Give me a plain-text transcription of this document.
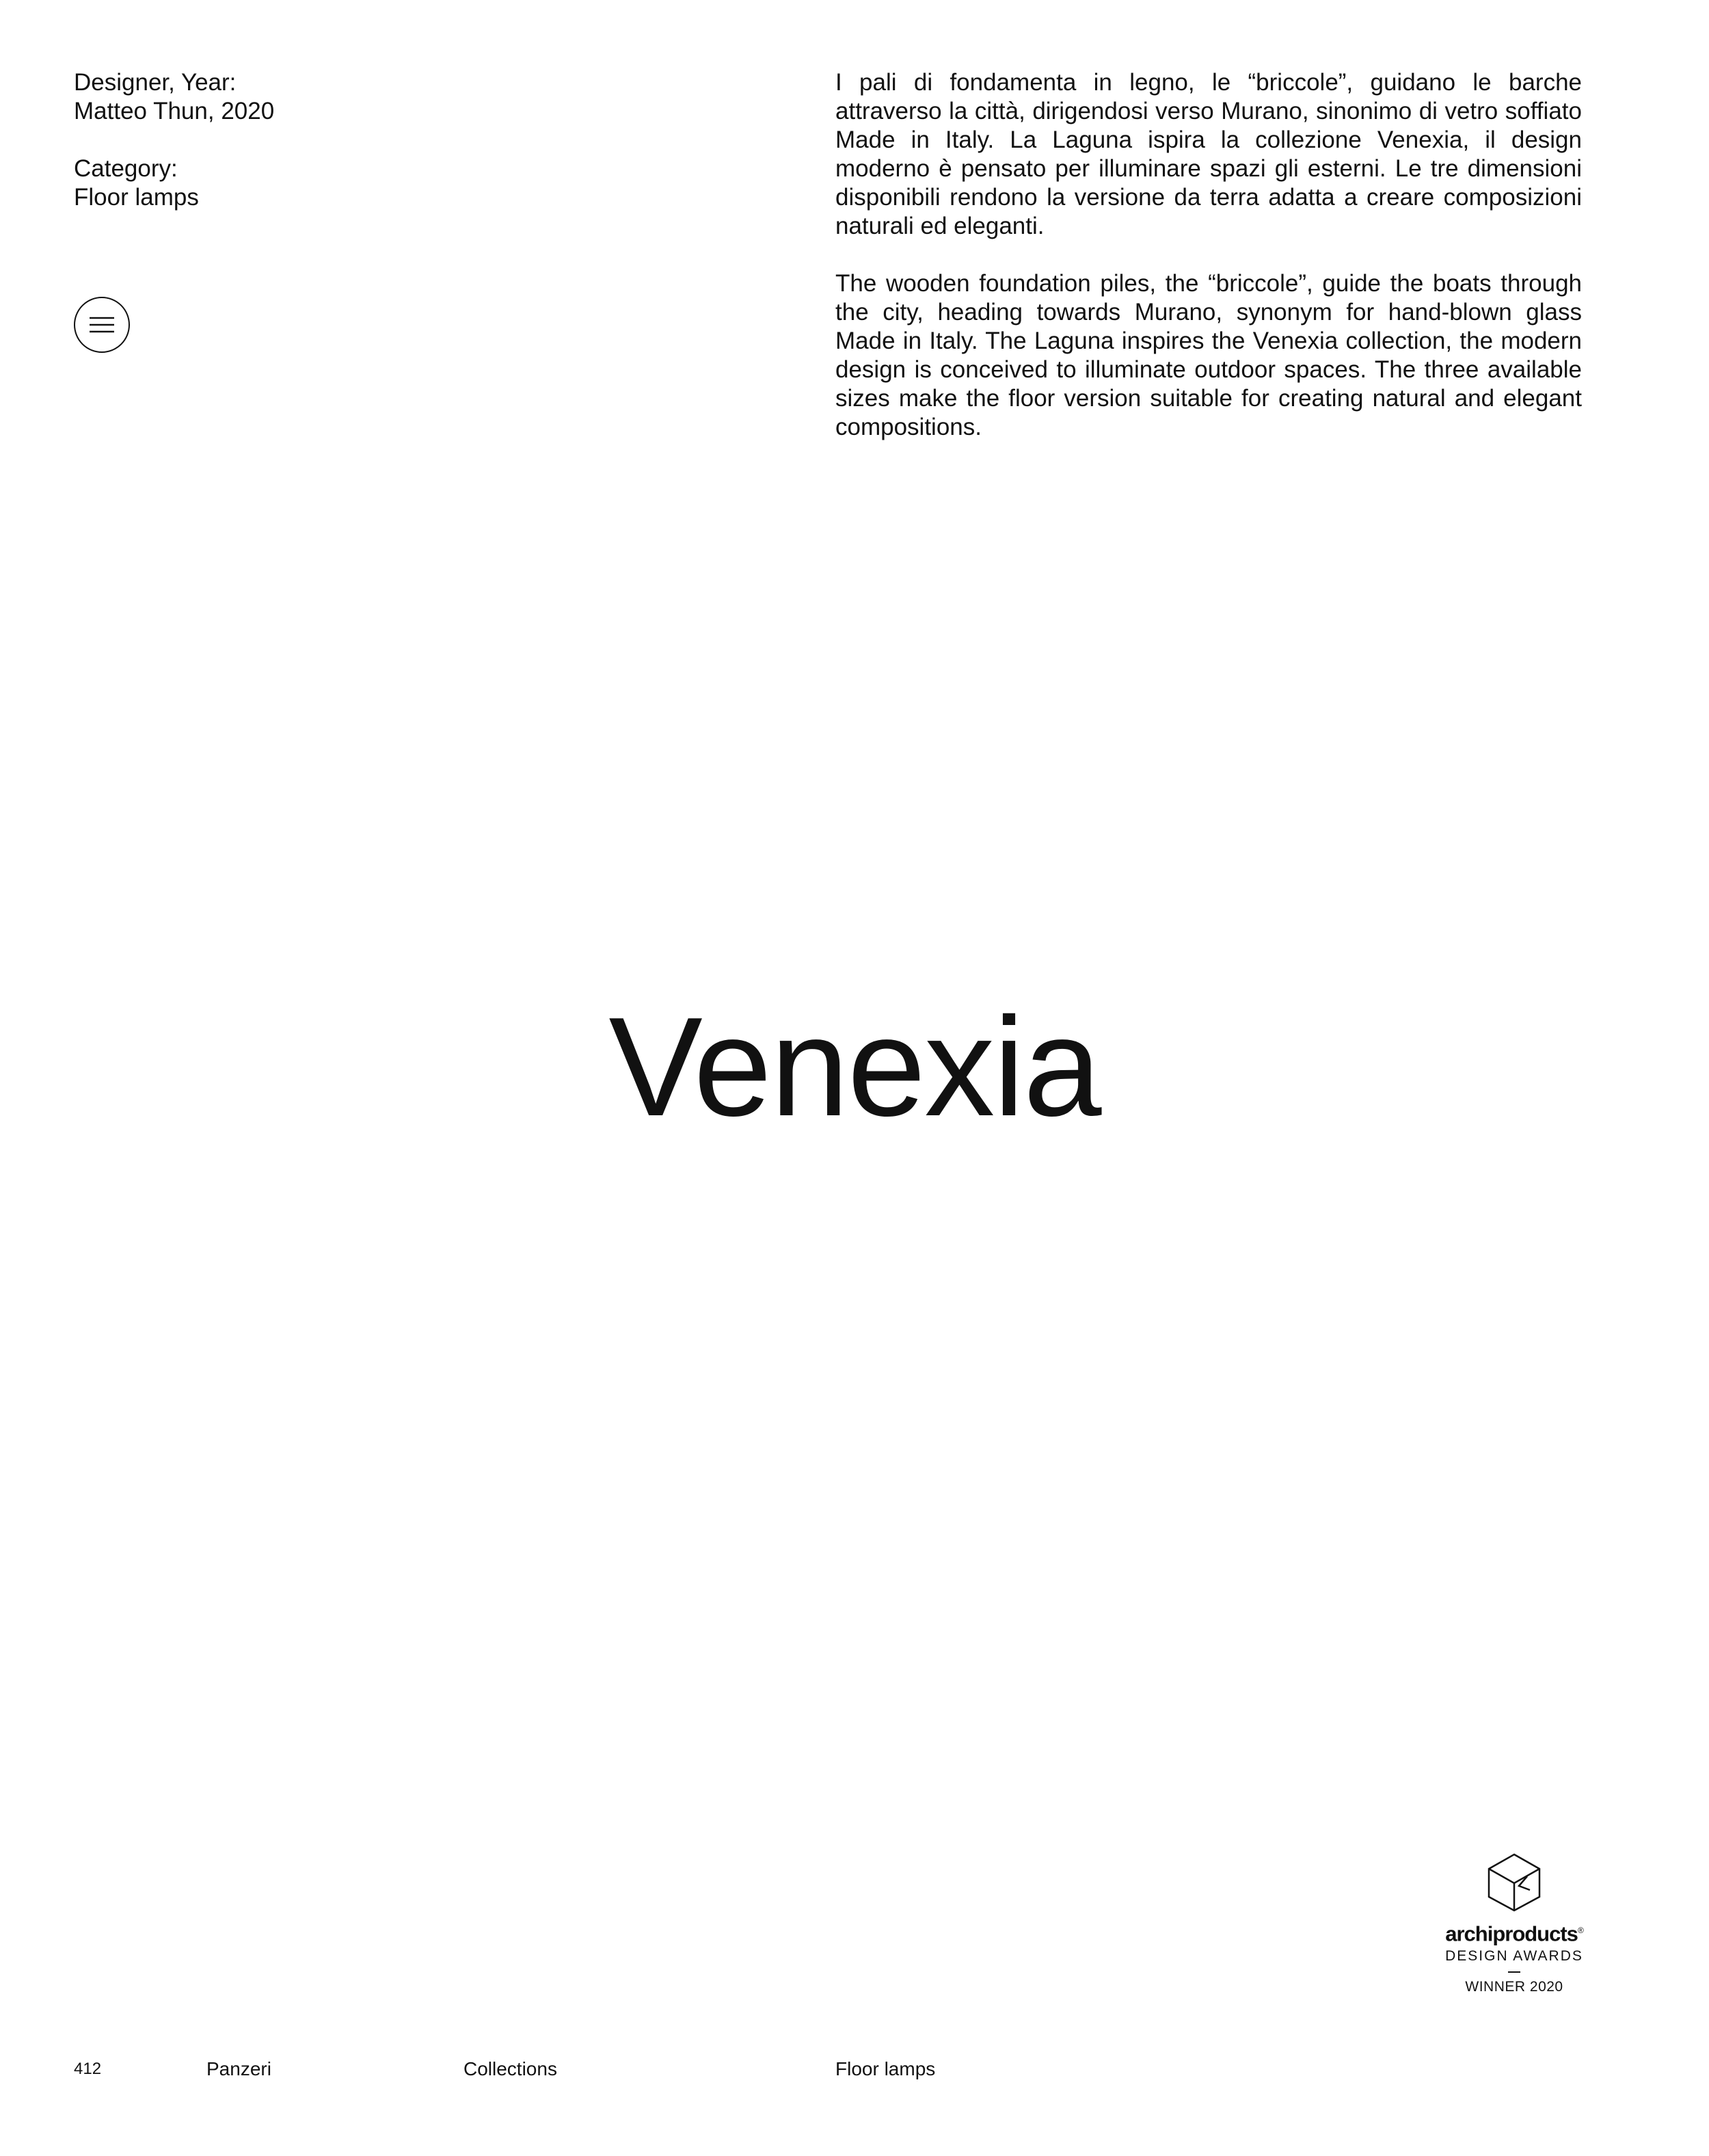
Designer, Year:
Matteo Thun, 2020
Category:
Floor lamps

I pali di fondamenta in legno, le “briccole”, guidano le barche attraverso la città, dirigendosi verso Murano, sinonimo di vetro soffiato Made in Italy. La Laguna ispira la collezione Venexia, il design moderno è pensato per illuminare spazi gli esterni. Le tre dimensioni disponibili rendono la versione da terra adatta a creare composizioni naturali ed eleganti.

The wooden foundation piles, the “briccole”, guide the boats through the city, heading towards Murano, synonym for hand-blown glass Made in Italy. The Laguna inspires the Venexia collection, the modern design is conceived to illuminate outdoor spaces. The three available sizes make the floor version suitable for creating natural and elegant compositions.

Venexia
archiproducts®
DESIGN AWARDS
WINNER 2020
412	Panzeri	Collections	Floor lamps
